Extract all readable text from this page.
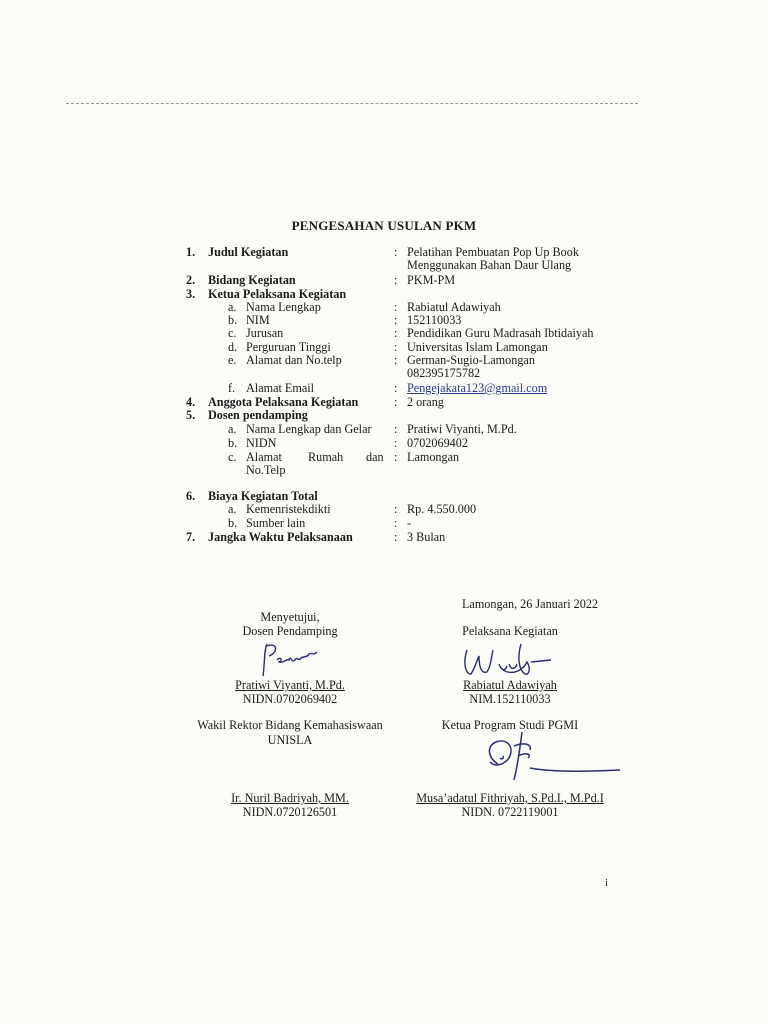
PENGESAHAN USULAN PKM
1.	Judul Kegiatan	: Pelatihan Pembuatan Pop Up Book
Menggunakan Bahan Daur Ulang
2.	Bidang Kegiatan	: PKM-PM
3.	Ketua Pelaksana Kegiatan
a. Nama Lengkap	: Rabiatul Adawiyah
b. NIM	: 152110033
c. Jurusan	: Pendidikan Guru Madrasah Ibtidaiyah
d. Perguruan Tinggi	: Universitas Islam Lamongan
e. Alamat dan No.telp	: German-Sugio-Lamongan
082395175782
f. Alamat Email	: Pengejakata123@gmail.com
4.	Anggota Pelaksana Kegiatan	: 2 orang
5.	Dosen pendamping
a. Nama Lengkap dan Gelar : Pratiwi Viyanti, M.Pd.
b. NIDN	: 0702069402
c. Alamat Rumah dan : Lamongan
No.Telp
6.	Biaya Kegiatan Total
a. Kemenristekdikti	: Rp. 4.550.000
b. Sumber lain	: -
7.	Jangka Waktu Pelaksanaan	: 3 Bulan
Lamongan, 26 Januari 2022
Menyetujui,
Dosen Pendamping	Pelaksana Kegiatan
Pratiwi Viyanti, M.Pd.	Rabiatul Adawiyah
NIDN.0702069402	NIM.152110033
Wakil Rektor Bidang Kemahasiswaan
UNISLA
Ketua Program Studi PGMI
Ir. Nuril Badriyah, MM.	Musa’adatul Fithriyah, S.Pd.I., M.Pd.I
NIDN.0720126501	NIDN. 0722119001
i
